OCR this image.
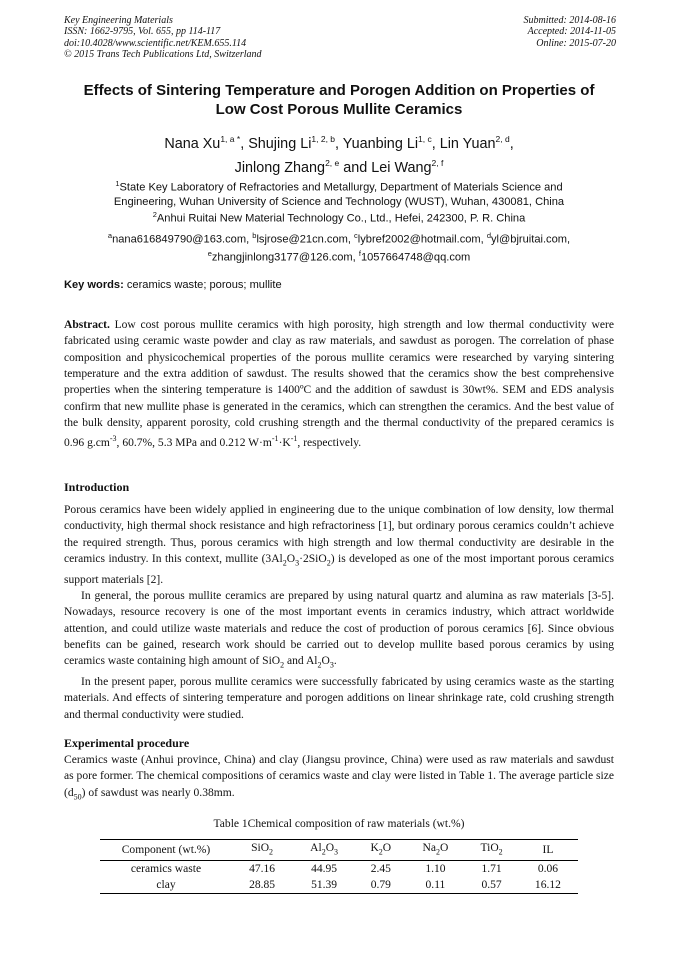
Key Engineering Materials
ISSN: 1662-9795, Vol. 655, pp 114-117
doi:10.4028/www.scientific.net/KEM.655.114
© 2015 Trans Tech Publications Ltd, Switzerland
Submitted: 2014-08-16
Accepted: 2014-11-05
Online: 2015-07-20
Effects of Sintering Temperature and Porogen Addition on Properties of
Low Cost Porous Mullite Ceramics
Nana $Xu^{1, a *}$, Shujing Li$^{1, 2, b}$, Yuanbing Li$^{1, c}$, Lin Yuan$^{2, d}$,
Jinlong Zhang$^{2, e}$ and Lei Wang$^{2, f}$
$^1$State Key Laboratory of Refractories and Metallurgy, Department of Materials Science and
Engineering, Wuhan University of Science and Technology (WUST), Wuhan, 430081, China
$^2$Anhui Ruitai New Material Technology Co., Ltd., Hefei, 242300, P. R. China
$^a$nana616849790@163.com, $^b$lsjrose@21cn.com, $^c$lybref2002@hotmail.com, $^d$yl@bjruitai.com,
$^e$zhangjinlong3177@126.com, $^f$1057664748@qq.com
Key words: ceramics waste; porous; mullite

Abstract. Low cost porous mullite ceramics with high porosity, high strength and low thermal conductivity were fabricated using ceramic waste powder and clay as raw materials, and sawdust as porogen. The correlation of phase composition and physicochemical properties of the porous mullite ceramics were researched by varying sintering temperature and the extra addition of sawdust. The results showed that the ceramics show the best comprehensive properties when the sintering temperature is 1400ºC and the addition of sawdust is 30wt%. SEM and EDS analysis confirm that new mullite phase is generated in the ceramics, which can strengthen the ceramics. And the best value of the bulk density, apparent porosity, cold crushing strength and the thermal conductivity of the prepared ceramics is 0.96 $g.cm^{-3}$, 60.7%, 5.3 MPa and 0.212 $W\cdot m^{-1}\cdot K^{-1}$, respectively.

Introduction

Porous ceramics have been widely applied in engineering due to the unique combination of low density, low thermal conductivity, high thermal shock resistance and high refractoriness [1], but ordinary porous ceramics couldn’t achieve the required strength. Thus, porous ceramics with high strength and low thermal conductivity are desirable in the ceramics industry. In this context, mullite $(3Al_2O_3\cdot 2SiO_2)$ is developed as one of the most important porous ceramics support materials [2].

In general, the porous mullite ceramics are prepared by using natural quartz and alumina as raw materials [3-5]. Nowadays, resource recovery is one of the most important events in ceramics industry, which attract worldwide attention, and could utilize waste materials and reduce the cost of production of porous ceramics [6]. Since obvious benefits can be gained, research work should be carried out to develop mullite based porous ceramics by using ceramics waste containing high amount of SiO$_2$ and $Al_2O_3$.

In the present paper, porous mullite ceramics were successfully fabricated by using ceramics waste as the starting materials. And effects of sintering temperature and porogen additions on linear shrinkage rate, cold crushing strength and thermal conductivity were studied.

Experimental procedure

Ceramics waste (Anhui province, China) and clay (Jiangsu province, China) were used as raw materials and sawdust as pore former. The chemical compositions of ceramics waste and clay were listed in Table 1. The average particle size $(d_{50})$ of sawdust was nearly 0.38mm.

Table 1Chemical composition of raw materials (wt.%)
Component (wt.%)	SiO$_2$	$Al_2O_3$	$K_2O$	$Na_2O$	TiO$_2$	IL
ceramics waste	47.16	44.95	2.45	1.10	1.71	0.06
clay	28.85	51.39	0.79	0.11	0.57	16.12
